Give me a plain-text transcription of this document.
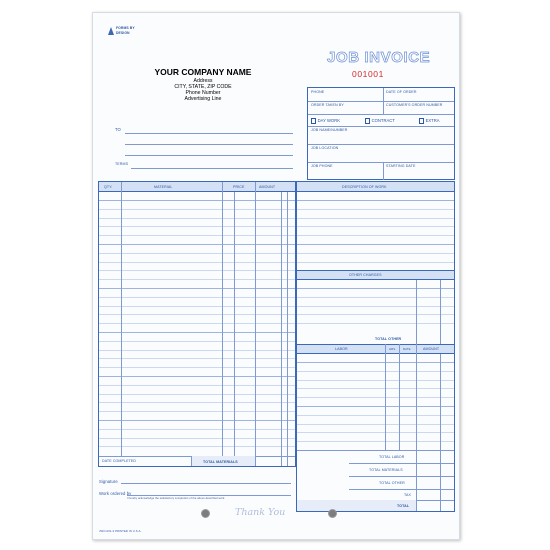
FORMS BY
DESIGN
YOUR COMPANY NAME
Address
CITY, STATE, ZIP CODE
Phone Number
Advertising Line
JOB INVOICE
001001
TO
TERMS
PHONE	DATE OF ORDER
ORDER TAKEN BY	CUSTOMER'S ORDER NUMBER
DAY WORK	CONTRACT	EXTRA
JOB NAME/NUMBER
JOB LOCATION
JOB PHONE	STARTING DATE
QTY.	MATERIAL	PRICE	AMOUNT
DATE COMPLETED	TOTAL MATERIALS
DESCRIPTION OF WORK
OTHER CHARGES
TOTAL OTHER
LABOR	HRS. RATE	AMOUNT
TOTAL LABOR
TOTAL MATERIALS
TOTAL OTHER
TAX
TOTAL
Signature
Work ordered by
I hereby acknowledge the satisfactory completion of the above described work.
Thank You
JWO-001-3 PRINTED IN U.S.A.
